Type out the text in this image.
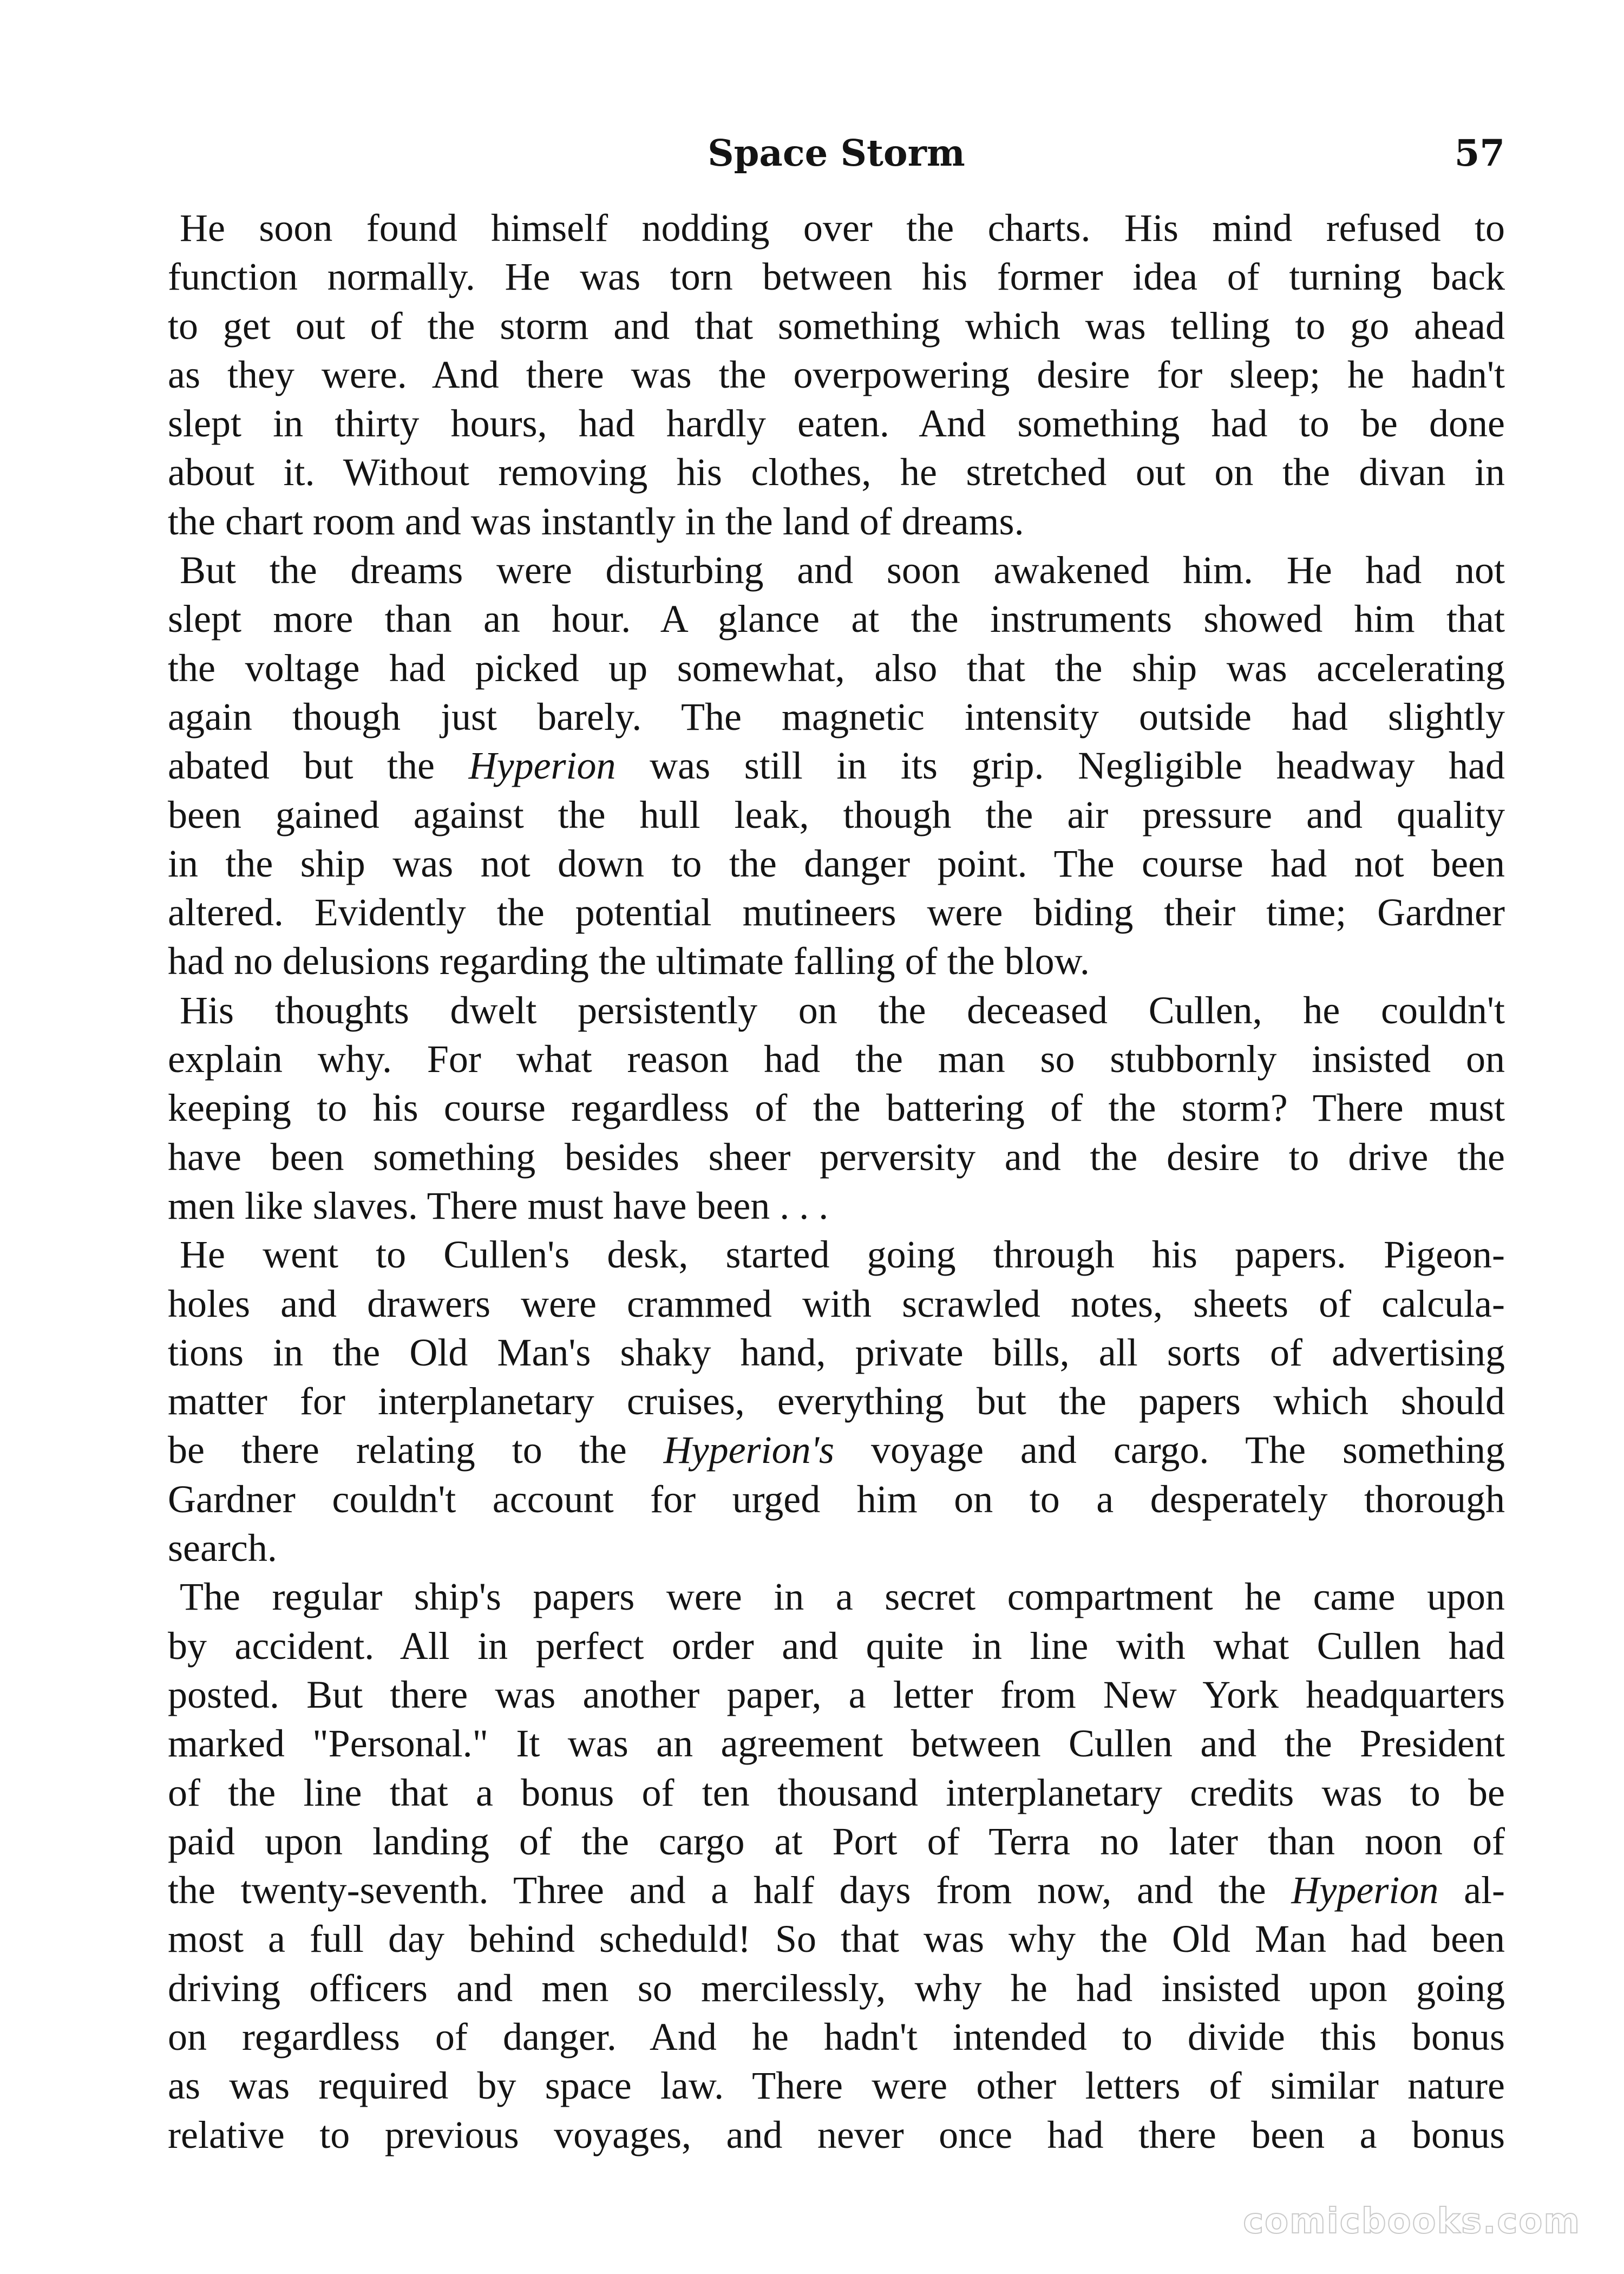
Space Storm	57
He soon found himself nodding over the charts. His mind refused to
function normally. He was torn between his former idea of turning back
to get out of the storm and that something which was telling to go ahead
as they were. And there was the overpowering desire for sleep; he hadn't
slept in thirty hours, had hardly eaten. And something had to be done
about it. Without removing his clothes, he stretched out on the divan in
the chart room and was instantly in the land of dreams.
But the dreams were disturbing and soon awakened him. He had not
slept more than an hour. A glance at the instruments showed him that
the voltage had picked up somewhat, also that the ship was accelerating
again though just barely. The magnetic intensity outside had slightly
abated but the Hyperion was still in its grip. Negligible headway had
been gained against the hull leak, though the air pressure and quality
in the ship was not down to the danger point. The course had not been
altered. Evidently the potential mutineers were biding their time; Gardner
had no delusions regarding the ultimate falling of the blow.
His thoughts dwelt persistently on the deceased Cullen, he couldn't
explain why. For what reason had the man so stubbornly insisted on
keeping to his course regardless of the battering of the storm? There must
have been something besides sheer perversity and the desire to drive the
men like slaves. There must have been . . .
He went to Cullen's desk, started going through his papers. Pigeon-
holes and drawers were crammed with scrawled notes, sheets of calcula-
tions in the Old Man's shaky hand, private bills, all sorts of advertising
matter for interplanetary cruises, everything but the papers which should
be there relating to the Hyperion's voyage and cargo. The something
Gardner couldn't account for urged him on to a desperately thorough
search.
The regular ship's papers were in a secret compartment he came upon
by accident. All in perfect order and quite in line with what Cullen had
posted. But there was another paper, a letter from New York headquarters
marked "Personal." It was an agreement between Cullen and the President
of the line that a bonus of ten thousand interplanetary credits was to be
paid upon landing of the cargo at Port of Terra no later than noon of
the twenty-seventh. Three and a half days from now, and the Hyperion al-
most a full day behind scheduld! So that was why the Old Man had been
driving officers and men so mercilessly, why he had insisted upon going
on regardless of danger. And he hadn't intended to divide this bonus
as was required by space law. There were other letters of similar nature
relative to previous voyages, and never once had there been a bonus
comicbooks.com
